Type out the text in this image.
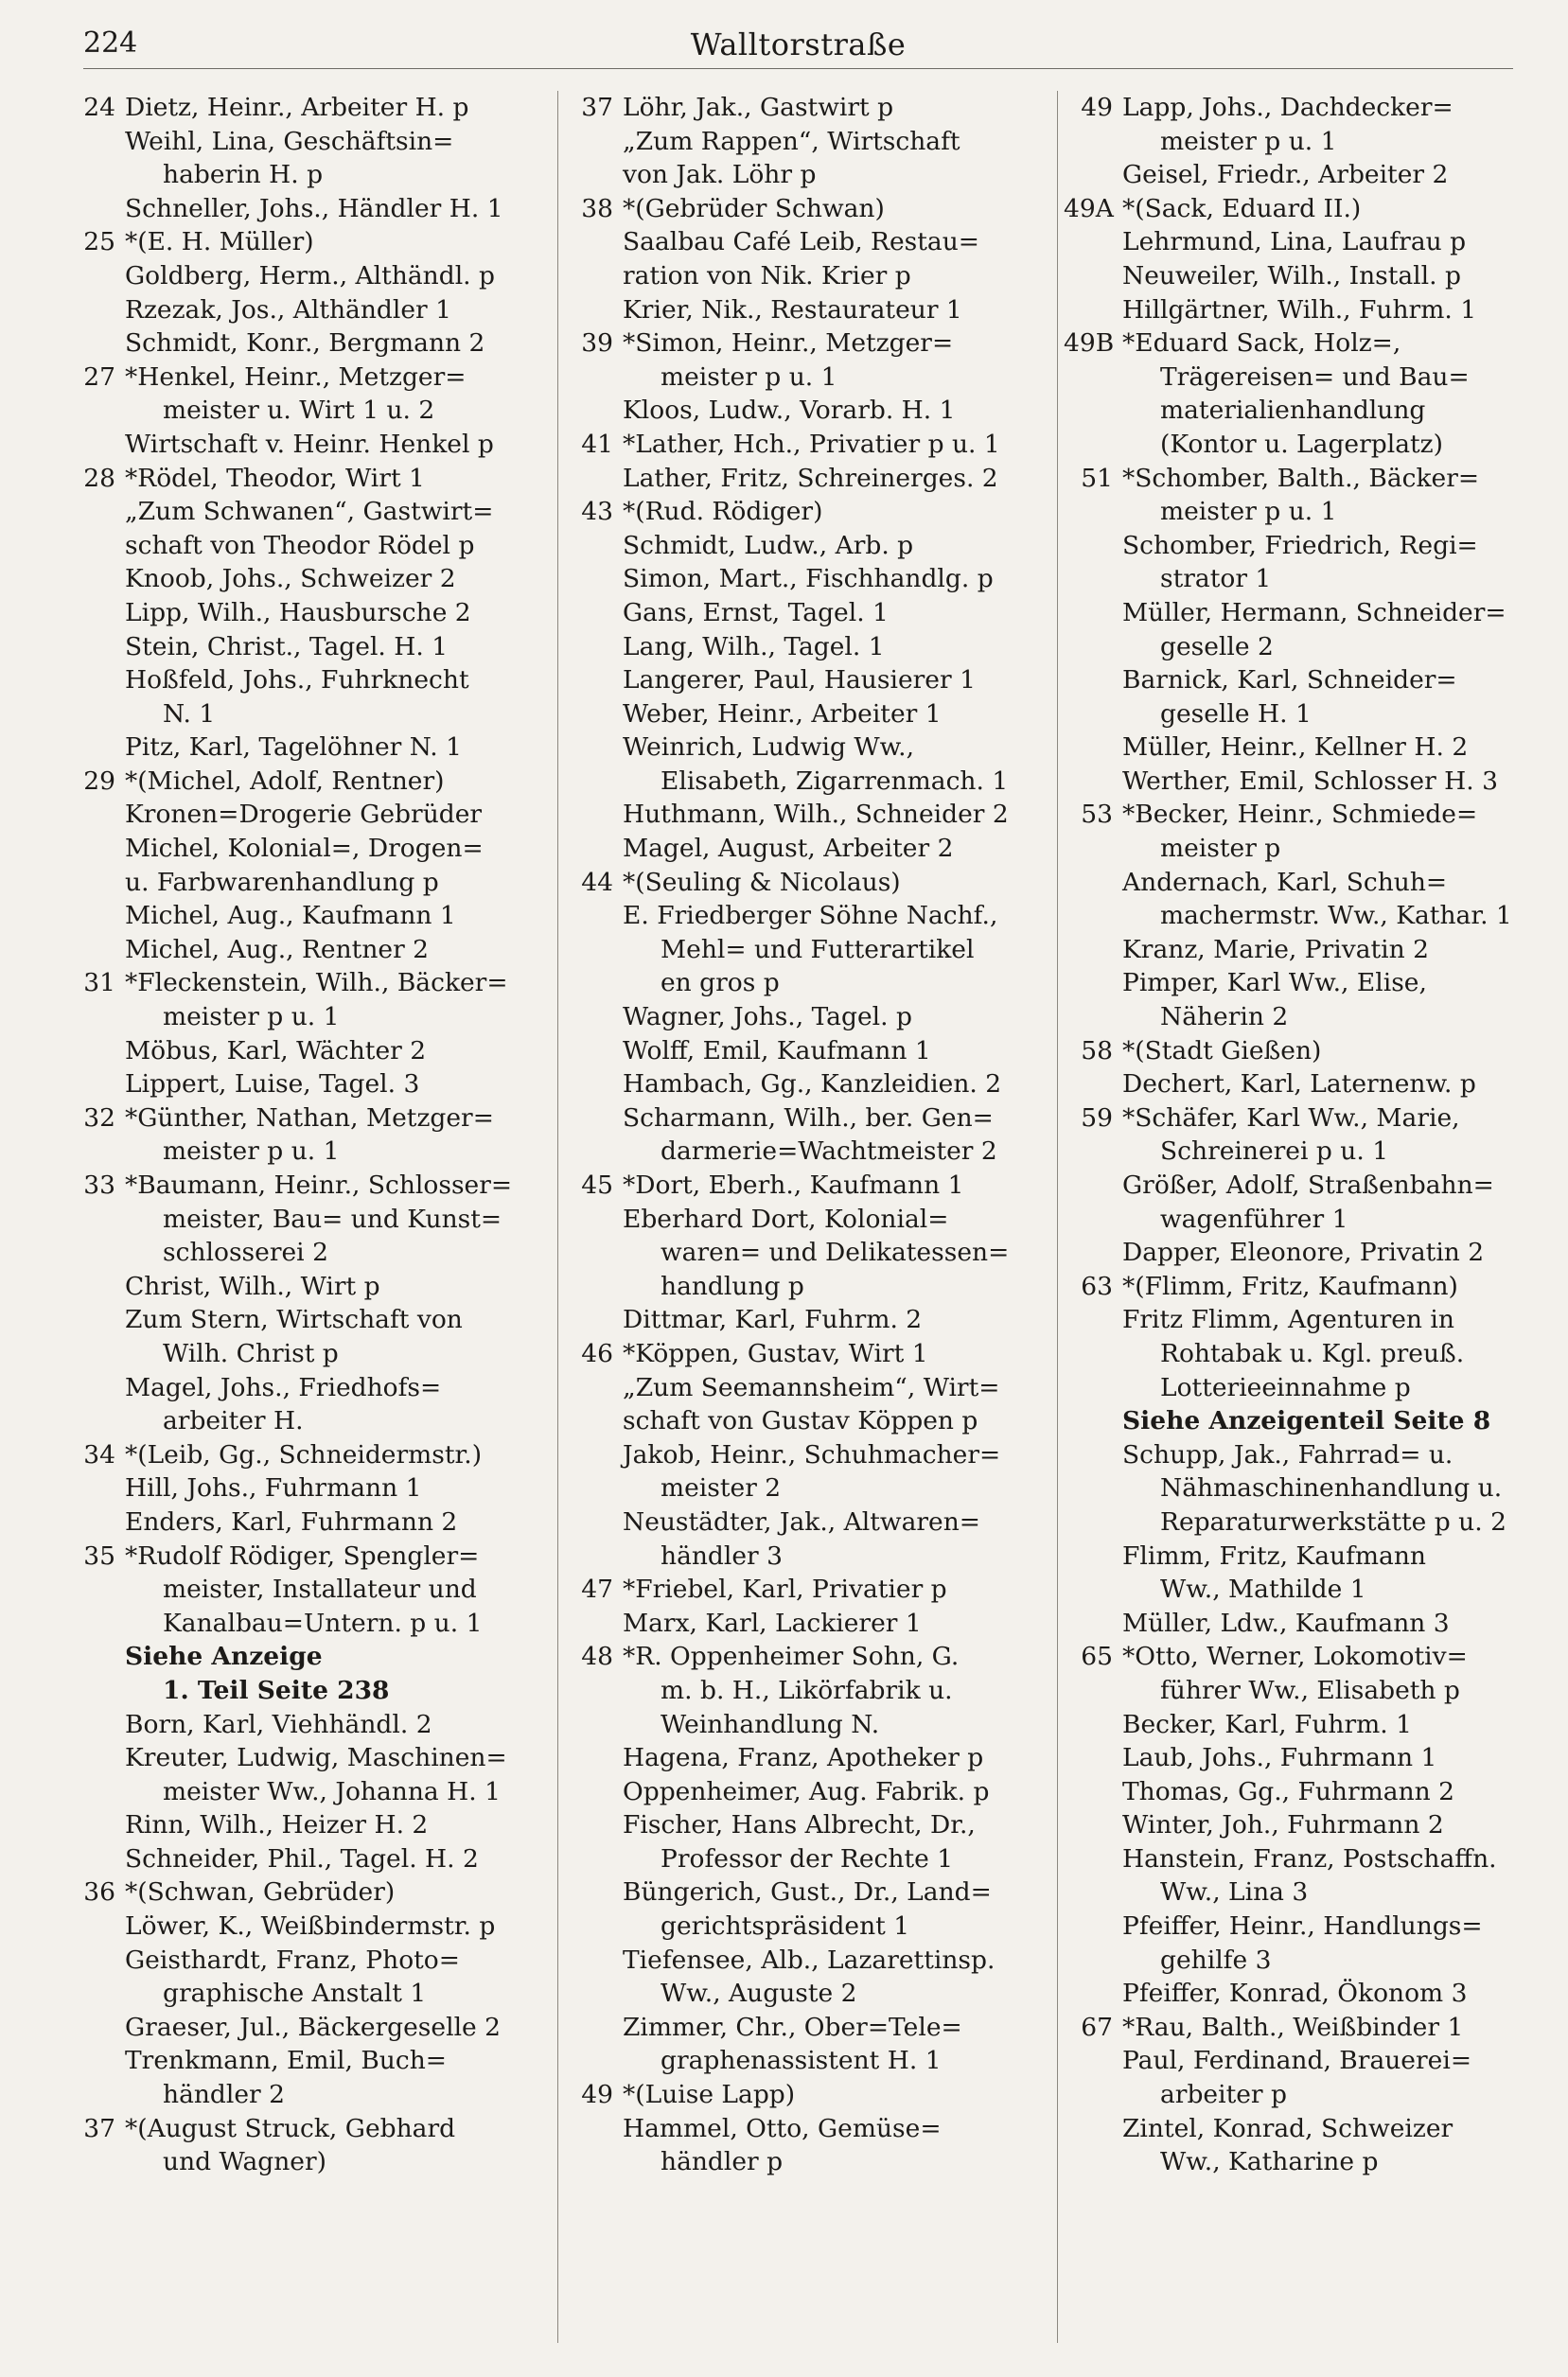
224	Walltorstraße
24 Dietz, Heinr., Arbeiter H. p
Weihl, Lina, Geschäftsin=
haberin H. p
Schneller, Johs., Händler H. 1
25 *(E. H. Müller)
Goldberg, Herm., Althändl. p
Rzezak, Jos., Althändler 1
Schmidt, Konr., Bergmann 2
27 *Henkel, Heinr., Metzger=
meister u. Wirt 1 u. 2
Wirtschaft v. Heinr. Henkel p
28 *Rödel, Theodor, Wirt 1
„Zum Schwanen“, Gastwirt=
schaft von Theodor Rödel p
Knoob, Johs., Schweizer 2
Lipp, Wilh., Hausbursche 2
Stein, Christ., Tagel. H. 1
Hoßfeld, Johs., Fuhrknecht
N. 1
Pitz, Karl, Tagelöhner N. 1
29 *(Michel, Adolf, Rentner)
Kronen=Drogerie Gebrüder
Michel, Kolonial=, Drogen=
u. Farbwarenhandlung p
Michel, Aug., Kaufmann 1
Michel, Aug., Rentner 2
31 *Fleckenstein, Wilh., Bäcker=
meister p u. 1
Möbus, Karl, Wächter 2
Lippert, Luise, Tagel. 3
32 *Günther, Nathan, Metzger=
meister p u. 1
33 *Baumann, Heinr., Schlosser=
meister, Bau= und Kunst=
schlosserei 2
Christ, Wilh., Wirt p
Zum Stern, Wirtschaft von
Wilh. Christ p
Magel, Johs., Friedhofs=
arbeiter H.
34 *(Leib, Gg., Schneidermstr.)
Hill, Johs., Fuhrmann 1
Enders, Karl, Fuhrmann 2
35 *Rudolf Rödiger, Spengler=
meister, Installateur und
Kanalbau=Untern. p u. 1
Siehe Anzeige
1. Teil Seite 238
Born, Karl, Viehhändl. 2
Kreuter, Ludwig, Maschinen=
meister Ww., Johanna H. 1
Rinn, Wilh., Heizer H. 2
Schneider, Phil., Tagel. H. 2
36 *(Schwan, Gebrüder)
Löwer, K., Weißbindermstr. p
Geisthardt, Franz, Photo=
graphische Anstalt 1
Graeser, Jul., Bäckergeselle 2
Trenkmann, Emil, Buch=
händler 2
37 *(August Struck, Gebhard
und Wagner)
37 Löhr, Jak., Gastwirt p
„Zum Rappen“, Wirtschaft
von Jak. Löhr p
38 *(Gebrüder Schwan)
Saalbau Café Leib, Restau=
ration von Nik. Krier p
Krier, Nik., Restaurateur 1
39 *Simon, Heinr., Metzger=
meister p u. 1
Kloos, Ludw., Vorarb. H. 1
41 *Lather, Hch., Privatier p u. 1
Lather, Fritz, Schreinerges. 2
43 *(Rud. Rödiger)
Schmidt, Ludw., Arb. p
Simon, Mart., Fischhandlg. p
Gans, Ernst, Tagel. 1
Lang, Wilh., Tagel. 1
Langerer, Paul, Hausierer 1
Weber, Heinr., Arbeiter 1
Weinrich, Ludwig Ww.,
Elisabeth, Zigarrenmach. 1
Huthmann, Wilh., Schneider 2
Magel, August, Arbeiter 2
44 *(Seuling & Nicolaus)
E. Friedberger Söhne Nachf.,
Mehl= und Futterartikel
en gros p
Wagner, Johs., Tagel. p
Wolff, Emil, Kaufmann 1
Hambach, Gg., Kanzleidien. 2
Scharmann, Wilh., ber. Gen=
darmerie=Wachtmeister 2
45 *Dort, Eberh., Kaufmann 1
Eberhard Dort, Kolonial=
waren= und Delikatessen=
handlung p
Dittmar, Karl, Fuhrm. 2
46 *Köppen, Gustav, Wirt 1
„Zum Seemannsheim“, Wirt=
schaft von Gustav Köppen p
Jakob, Heinr., Schuhmacher=
meister 2
Neustädter, Jak., Altwaren=
händler 3
47 *Friebel, Karl, Privatier p
Marx, Karl, Lackierer 1
48 *R. Oppenheimer Sohn, G.
m. b. H., Likörfabrik u.
Weinhandlung N.
Hagena, Franz, Apotheker p
Oppenheimer, Aug. Fabrik. p
Fischer, Hans Albrecht, Dr.,
Professor der Rechte 1
Büngerich, Gust., Dr., Land=
gerichtspräsident 1
Tiefensee, Alb., Lazarettinsp.
Ww., Auguste 2
Zimmer, Chr., Ober=Tele=
graphenassistent H. 1
49 *(Luise Lapp)
Hammel, Otto, Gemüse=
händler p
49 Lapp, Johs., Dachdecker=
meister p u. 1
Geisel, Friedr., Arbeiter 2
49A *(Sack, Eduard II.)
Lehrmund, Lina, Laufrau p
Neuweiler, Wilh., Install. p
Hillgärtner, Wilh., Fuhrm. 1
49B *Eduard Sack, Holz=,
Trägereisen= und Bau=
materialienhandlung
(Kontor u. Lagerplatz)
51 *Schomber, Balth., Bäcker=
meister p u. 1
Schomber, Friedrich, Regi=
strator 1
Müller, Hermann, Schneider=
geselle 2
Barnick, Karl, Schneider=
geselle H. 1
Müller, Heinr., Kellner H. 2
Werther, Emil, Schlosser H. 3
53 *Becker, Heinr., Schmiede=
meister p
Andernach, Karl, Schuh=
machermstr. Ww., Kathar. 1
Kranz, Marie, Privatin 2
Pimper, Karl Ww., Elise,
Näherin 2
58 *(Stadt Gießen)
Dechert, Karl, Laternenw. p
59 *Schäfer, Karl Ww., Marie,
Schreinerei p u. 1
Größer, Adolf, Straßenbahn=
wagenführer 1
Dapper, Eleonore, Privatin 2
63 *(Flimm, Fritz, Kaufmann)
Fritz Flimm, Agenturen in
Rohtabak u. Kgl. preuß.
Lotterieeinnahme p
Siehe Anzeigenteil Seite 8
Schupp, Jak., Fahrrad= u.
Nähmaschinenhandlung u.
Reparaturwerkstätte p u. 2
Flimm, Fritz, Kaufmann
Ww., Mathilde 1
Müller, Ldw., Kaufmann 3
65 *Otto, Werner, Lokomotiv=
führer Ww., Elisabeth p
Becker, Karl, Fuhrm. 1
Laub, Johs., Fuhrmann 1
Thomas, Gg., Fuhrmann 2
Winter, Joh., Fuhrmann 2
Hanstein, Franz, Postschaffn.
Ww., Lina 3
Pfeiffer, Heinr., Handlungs=
gehilfe 3
Pfeiffer, Konrad, Ökonom 3
67 *Rau, Balth., Weißbinder 1
Paul, Ferdinand, Brauerei=
arbeiter p
Zintel, Konrad, Schweizer
Ww., Katharine p
